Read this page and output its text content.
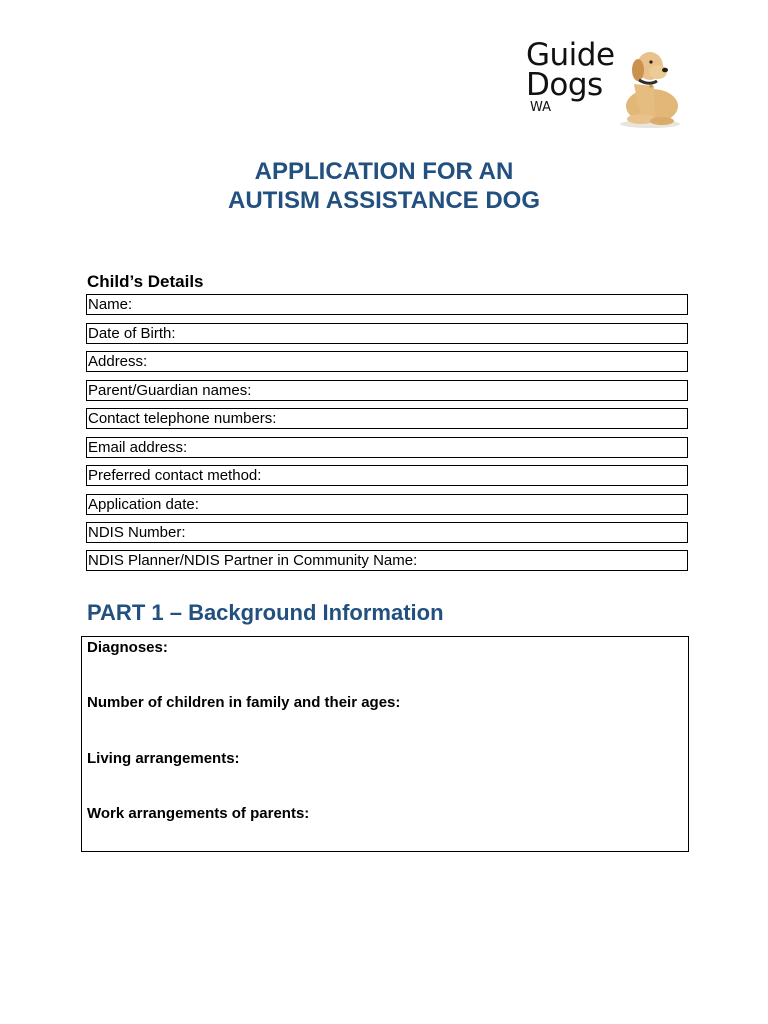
Guide
Dogs
WA
APPLICATION FOR AN
AUTISM ASSISTANCE DOG
Child’s Details
Name:
Date of Birth:
Address:
Parent/Guardian names:
Contact telephone numbers:
Email address:
Preferred contact method:
Application date:
NDIS Number:
NDIS Planner/NDIS Partner in Community Name:
PART 1 – Background Information
Diagnoses:
Number of children in family and their ages:
Living arrangements:
Work arrangements of parents:
